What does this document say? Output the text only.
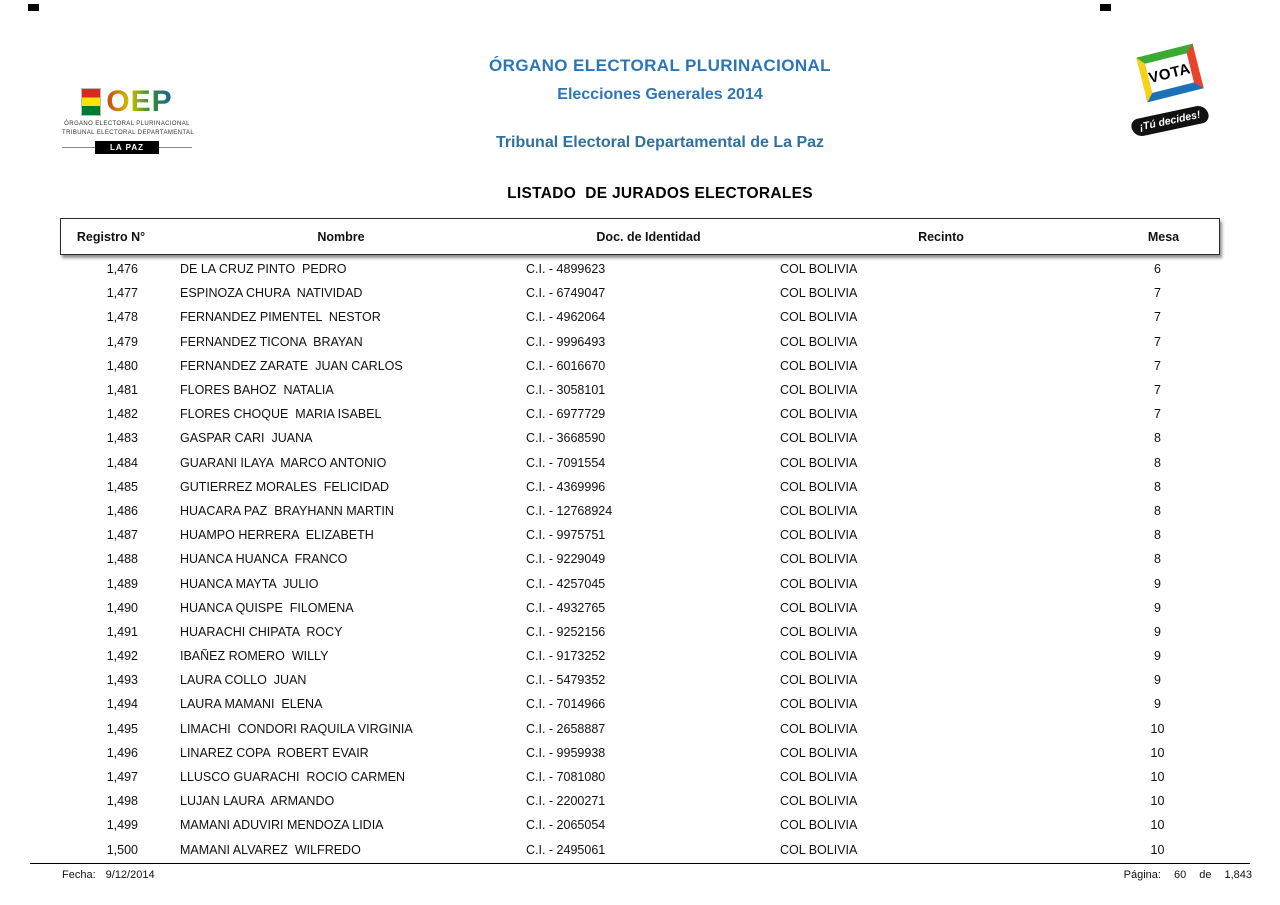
OEP
ÓRGANO ELECTORAL PLURINACIONAL
TRIBUNAL ELECTORAL DEPARTAMENTAL
LA PAZ
ÓRGANO ELECTORAL PLURINACIONAL
Elecciones Generales 2014
Tribunal Electoral Departamental de La Paz
LISTADO  DE JURADOS ELECTORALES
VOTA
¡Tú decides!
Registro N°	Nombre	Doc. de Identidad	Recinto	Mesa
1,476	DE LA CRUZ PINTO  PEDRO	C.I. - 4899623	COL BOLIVIA	6
1,477	ESPINOZA CHURA  NATIVIDAD	C.I. - 6749047	COL BOLIVIA	7
1,478	FERNANDEZ PIMENTEL  NESTOR	C.I. - 4962064	COL BOLIVIA	7
1,479	FERNANDEZ TICONA  BRAYAN	C.I. - 9996493	COL BOLIVIA	7
1,480	FERNANDEZ ZARATE  JUAN CARLOS	C.I. - 6016670	COL BOLIVIA	7
1,481	FLORES BAHOZ  NATALIA	C.I. - 3058101	COL BOLIVIA	7
1,482	FLORES CHOQUE  MARIA ISABEL	C.I. - 6977729	COL BOLIVIA	7
1,483	GASPAR CARI  JUANA	C.I. - 3668590	COL BOLIVIA	8
1,484	GUARANI ILAYA  MARCO ANTONIO	C.I. - 7091554	COL BOLIVIA	8
1,485	GUTIERREZ MORALES  FELICIDAD	C.I. - 4369996	COL BOLIVIA	8
1,486	HUACARA PAZ  BRAYHANN MARTIN	C.I. - 12768924	COL BOLIVIA	8
1,487	HUAMPO HERRERA  ELIZABETH	C.I. - 9975751	COL BOLIVIA	8
1,488	HUANCA HUANCA  FRANCO	C.I. - 9229049	COL BOLIVIA	8
1,489	HUANCA MAYTA  JULIO	C.I. - 4257045	COL BOLIVIA	9
1,490	HUANCA QUISPE  FILOMENA	C.I. - 4932765	COL BOLIVIA	9
1,491	HUARACHI CHIPATA  ROCY	C.I. - 9252156	COL BOLIVIA	9
1,492	IBAÑEZ ROMERO  WILLY	C.I. - 9173252	COL BOLIVIA	9
1,493	LAURA COLLO  JUAN	C.I. - 5479352	COL BOLIVIA	9
1,494	LAURA MAMANI  ELENA	C.I. - 7014966	COL BOLIVIA	9
1,495	LIMACHI  CONDORI RAQUILA VIRGINIA	C.I. - 2658887	COL BOLIVIA	10
1,496	LINAREZ COPA  ROBERT EVAIR	C.I. - 9959938	COL BOLIVIA	10
1,497	LLUSCO GUARACHI  ROCIO CARMEN	C.I. - 7081080	COL BOLIVIA	10
1,498	LUJAN LAURA  ARMANDO	C.I. - 2200271	COL BOLIVIA	10
1,499	MAMANI ADUVIRI MENDOZA LIDIA	C.I. - 2065054	COL BOLIVIA	10
1,500	MAMANI ALVAREZ  WILFREDO	C.I. - 2495061	COL BOLIVIA	10
Fecha: 9/12/2014	Página: 60 de 1,843
